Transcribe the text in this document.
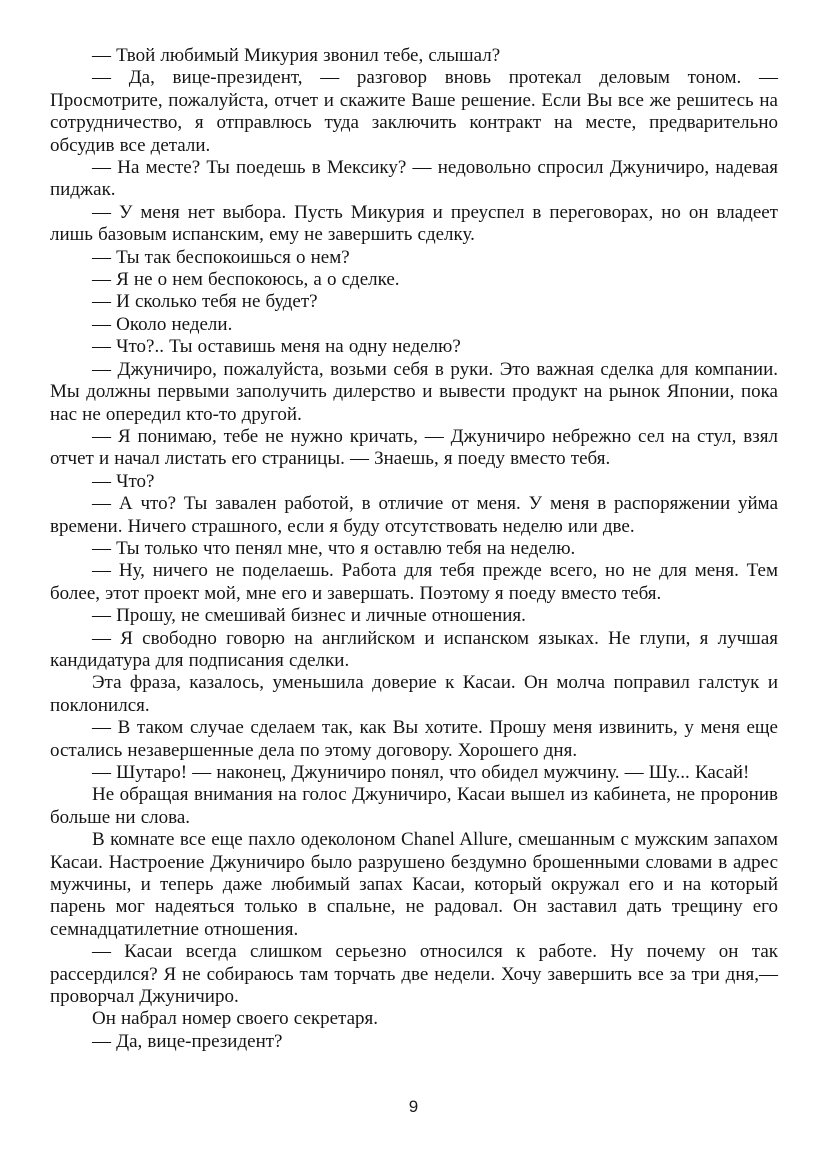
— Твой любимый Микурия звонил тебе, слышал?

— Да, вице-президент, — разговор вновь протекал деловым тоном. — Просмотрите, пожалуйста, отчет и скажите Ваше решение. Если Вы все же решитесь на сотрудничество, я отправлюсь туда заключить контракт на месте, предварительно обсудив все детали.

— На месте? Ты поедешь в Мексику? — недовольно спросил Джуничиро, надевая пиджак.

— У меня нет выбора. Пусть Микурия и преуспел в переговорах, но он владеет лишь базовым испанским, ему не завершить сделку.

— Ты так беспокоишься о нем?

— Я не о нем беспокоюсь, а о сделке.

— И сколько тебя не будет?

— Около недели.

— Что?.. Ты оставишь меня на одну неделю?

— Джуничиро, пожалуйста, возьми себя в руки. Это важная сделка для компании. Мы должны первыми заполучить дилерство и вывести продукт на рынок Японии, пока нас не опередил кто-то другой.

— Я понимаю, тебе не нужно кричать, — Джуничиро небрежно сел на стул, взял отчет и начал листать его страницы. — Знаешь, я поеду вместо тебя.

— Что?

— А что? Ты завален работой, в отличие от меня. У меня в распоряжении уйма времени. Ничего страшного, если я буду отсутствовать неделю или две.

— Ты только что пенял мне, что я оставлю тебя на неделю.

— Ну, ничего не поделаешь. Работа для тебя прежде всего, но не для меня. Тем более, этот проект мой, мне его и завершать. Поэтому я поеду вместо тебя.

— Прошу, не смешивай бизнес и личные отношения.

— Я свободно говорю на английском и испанском языках. Не глупи, я лучшая кандидатура для подписания сделки.

Эта фраза, казалось, уменьшила доверие к Касаи. Он молча поправил галстук и поклонился.

— В таком случае сделаем так, как Вы хотите. Прошу меня извинить, у меня еще остались незавершенные дела по этому договору. Хорошего дня.

— Шутаро! — наконец, Джуничиро понял, что обидел мужчину. — Шу... Касай!

Не обращая внимания на голос Джуничиро, Касаи вышел из кабинета, не проронив больше ни слова.

В комнате все еще пахло одеколоном Chanel Allure, смешанным с мужским запахом Касаи. Настроение Джуничиро было разрушено бездумно брошенными словами в адрес мужчины, и теперь даже любимый запах Касаи, который окружал его и на который парень мог надеяться только в спальне, не радовал. Он заставил дать трещину его семнадцатилетние отношения.

— Касаи всегда слишком серьезно относился к работе. Ну почему он так рассердился? Я не собираюсь там торчать две недели. Хочу завершить все за три дня,— проворчал Джуничиро.

Он набрал номер своего секретаря.

— Да, вице-президент?

9
